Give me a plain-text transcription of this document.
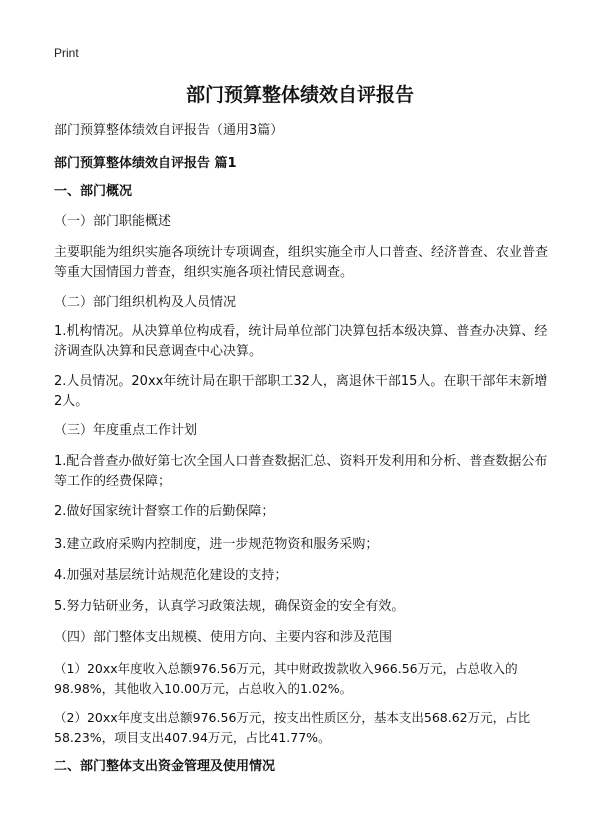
Print
部门预算整体绩效自评报告
部门预算整体绩效自评报告（通用3篇）
部门预算整体绩效自评报告 篇1
一、部门概况
（一）部门职能概述
主要职能为组织实施各项统计专项调查，组织实施全市人口普查、经济普查、农业普查等重大国情国力普查，组织实施各项社情民意调查。
（二）部门组织机构及人员情况
1.机构情况。从决算单位构成看，统计局单位部门决算包括本级决算、普查办决算、经济调查队决算和民意调查中心决算。
2.人员情况。20xx年统计局在职干部职工32人，离退休干部15人。在职干部年末新增2人。
（三）年度重点工作计划
1.配合普查办做好第七次全国人口普查数据汇总、资料开发利用和分析、普查数据公布等工作的经费保障；
2.做好国家统计督察工作的后勤保障；
3.建立政府采购内控制度，进一步规范物资和服务采购；
4.加强对基层统计站规范化建设的支持；
5.努力钻研业务，认真学习政策法规，确保资金的安全有效。
（四）部门整体支出规模、使用方向、主要内容和涉及范围
（1）20xx年度收入总额976.56万元，其中财政拨款收入966.56万元，占总收入的98.98%，其他收入10.00万元，占总收入的1.02%。
（2）20xx年度支出总额976.56万元，按支出性质区分，基本支出568.62万元，占比58.23%，项目支出407.94万元，占比41.77%。
二、部门整体支出资金管理及使用情况
